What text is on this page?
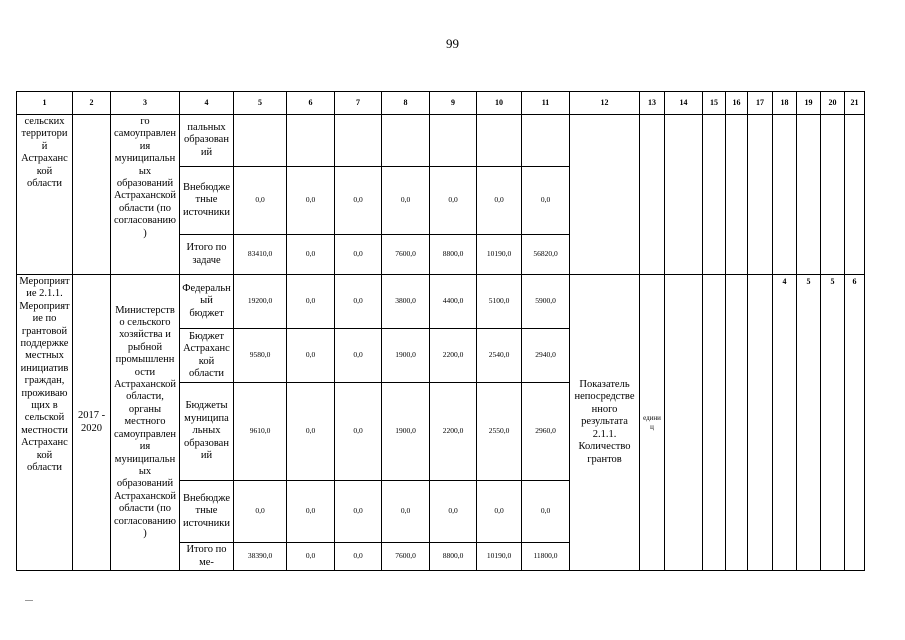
99
1	2	3	4	5	6	7	8	9	10	11	12	13	14	15	16	17	18	19	20	21
сельских территорий Астраханской области		го самоуправления муниципальных образований Астраханской области (по согласованию)	пальных образований																	
			Внебюджетные источники	0,0	0,0	0,0	0,0	0,0	0,0	0,0										
			Итого по задаче	83410,0	0,0	0,0	7600,0	8800,0	10190,0	56820,0										
Мероприятие 2.1.1. Мероприятие по грантовой поддержке местных инициатив граждан, проживающих в сельской местности Астраханской области	2017 - 2020	Министерство сельского хозяйства и рыбной промышленности Астраханской области, органы местного самоуправления муниципальных образований Астраханской области (по согласованию)	Федеральный бюджет	19200,0	0,0	0,0	3800,0	4400,0	5100,0	5900,0	Показатель непосредственного результата 2.1.1. Количество грантов	единиц					4	5	5	6
			Бюджет Астраханской области	9580,0	0,0	0,0	1900,0	2200,0	2540,0	2940,0										
			Бюджеты муниципальных образований	9610,0	0,0	0,0	1900,0	2200,0	2550,0	2960,0										
			Внебюджетные источники	0,0	0,0	0,0	0,0	0,0	0,0	0,0										
			Итого по ме-	38390,0	0,0	0,0	7600,0	8800,0	10190,0	11800,0										
